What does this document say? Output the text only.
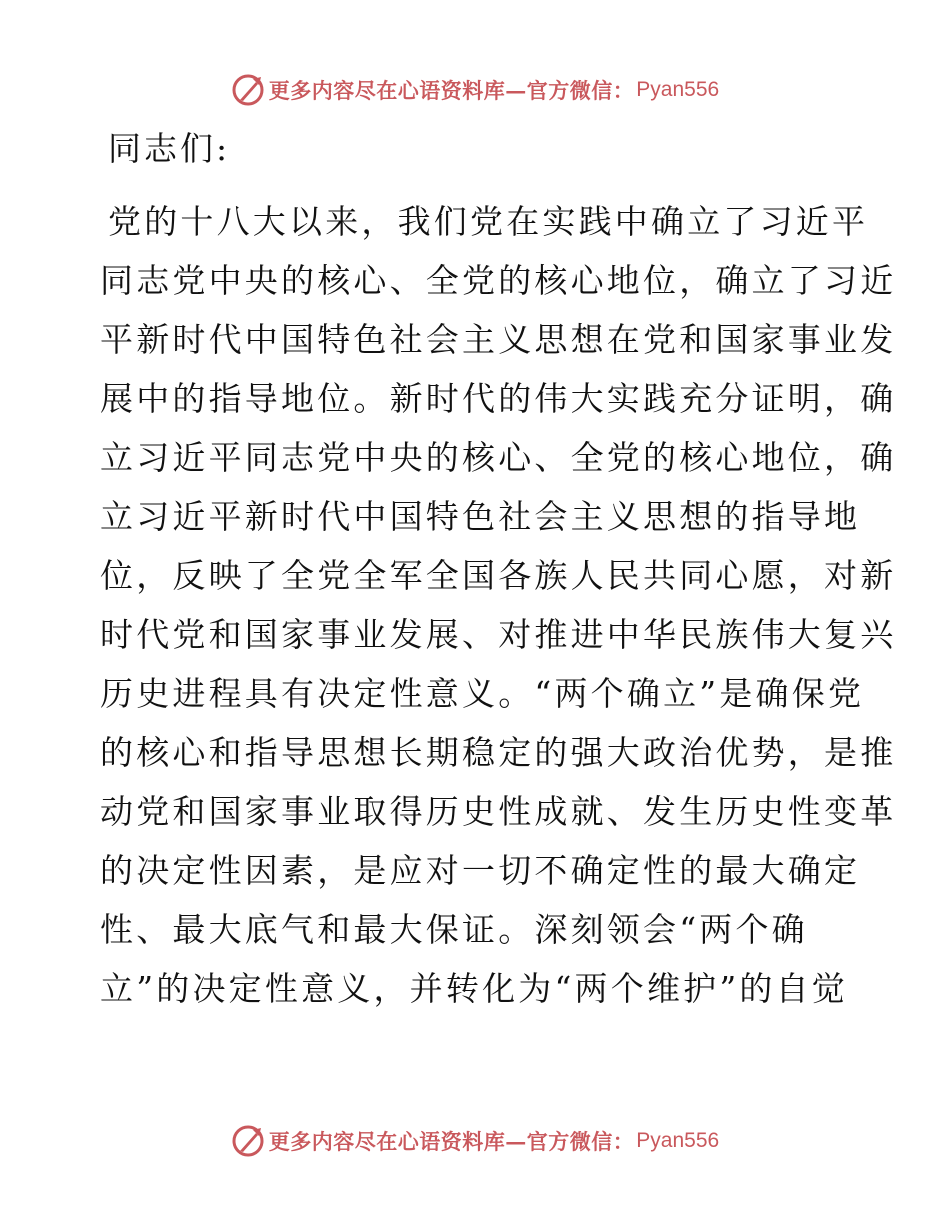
更多内容尽在心语资料库—官方微信： Pyan556
同志们:
党的十八大以来，我们党在实践中确立了习近平
同志党中央的核心、全党的核心地位，确立了习近
平新时代中国特色社会主义思想在党和国家事业发
展中的指导地位。新时代的伟大实践充分证明，确
立习近平同志党中央的核心、全党的核心地位，确
立习近平新时代中国特色社会主义思想的指导地
位，反映了全党全军全国各族人民共同心愿，对新
时代党和国家事业发展、对推进中华民族伟大复兴
历史进程具有决定性意义。“两个确立”是确保党
的核心和指导思想长期稳定的强大政治优势，是推
动党和国家事业取得历史性成就、发生历史性变革
的决定性因素，是应对一切不确定性的最大确定
性、最大底气和最大保证。深刻领会“两个确
立”的决定性意义，并转化为“两个维护”的自觉
更多内容尽在心语资料库—官方微信： Pyan556
